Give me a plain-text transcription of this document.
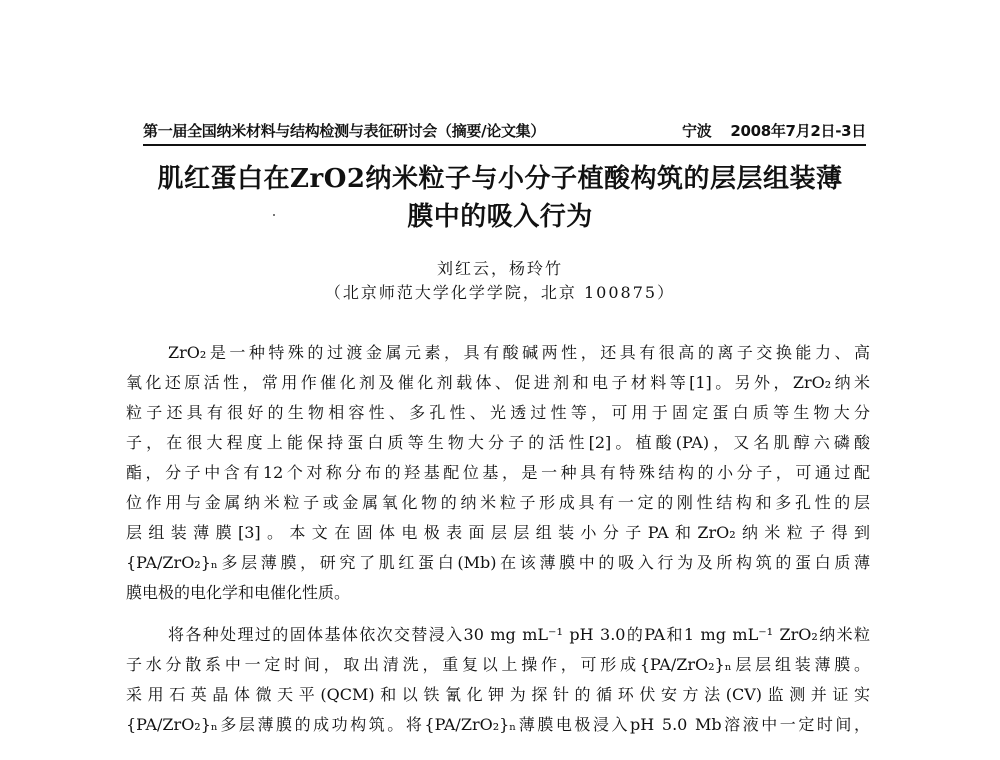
第一届全国纳米材料与结构检测与表征研讨会（摘要/论文集）	宁波 2008年7月2日-3日
肌红蛋白在ZrO2纳米粒子与小分子植酸构筑的层层组装薄
膜中的吸入行为
刘红云，杨玲竹
（北京师范大学化学学院，北京 100875）
ZrO₂是一种特殊的过渡金属元素，具有酸碱两性，还具有很高的离子交换能力、高
氧化还原活性，常用作催化剂及催化剂载体、促进剂和电子材料等[1]。另外，ZrO₂纳米
粒子还具有很好的生物相容性、多孔性、光透过性等，可用于固定蛋白质等生物大分
子，在很大程度上能保持蛋白质等生物大分子的活性[2]。植酸(PA)，又名肌醇六磷酸
酯，分子中含有12个对称分布的羟基配位基，是一种具有特殊结构的小分子，可通过配
位作用与金属纳米粒子或金属氧化物的纳米粒子形成具有一定的刚性结构和多孔性的层
层组装薄膜[3]。本文在固体电极表面层层组装小分子PA和ZrO₂纳米粒子得到
{PA/ZrO₂}ₙ多层薄膜，研究了肌红蛋白(Mb)在该薄膜中的吸入行为及所构筑的蛋白质薄
膜电极的电化学和电催化性质。
将各种处理过的固体基体依次交替浸入30 mg mL⁻¹ pH 3.0的PA和1 mg mL⁻¹ ZrO₂纳米粒
子水分散系中一定时间，取出清洗，重复以上操作，可形成{PA/ZrO₂}ₙ层层组装薄膜。
采用石英晶体微天平(QCM)和以铁氰化钾为探针的循环伏安方法(CV)监测并证实
{PA/ZrO₂}ₙ多层薄膜的成功构筑。将{PA/ZrO₂}ₙ薄膜电极浸入pH 5.0 Mb溶液中一定时间，
